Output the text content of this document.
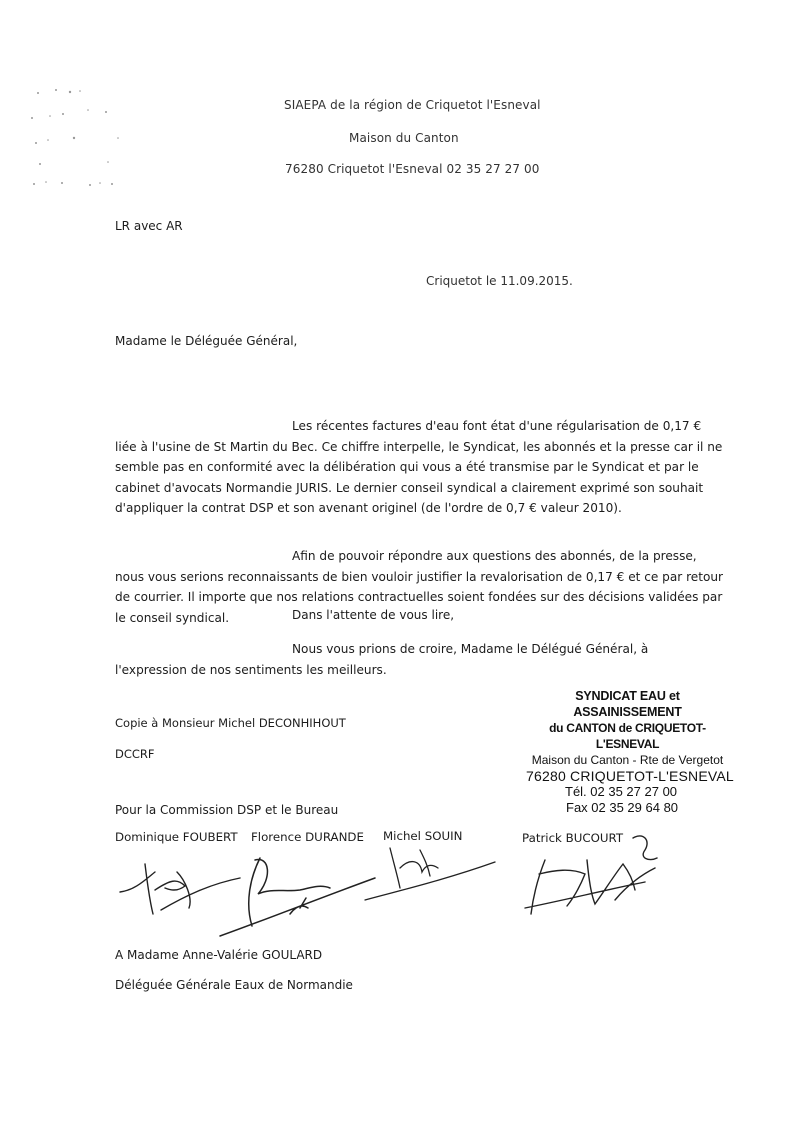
SIAEPA de la région de Criquetot l'Esneval
Maison du Canton
76280 Criquetot l'Esneval 02 35 27 27 00
LR avec AR
Criquetot le 11.09.2015.
Madame le Déléguée Général,
Les récentes factures d'eau font état d'une régularisation de 0,17 €
liée à l'usine de St Martin du Bec. Ce chiffre interpelle, le Syndicat, les abonnés et la presse car il ne
semble pas en conformité avec la délibération qui vous a été transmise par le Syndicat et par le
cabinet d'avocats Normandie JURIS. Le dernier conseil syndical a clairement exprimé son souhait
d'appliquer la contrat DSP et son avenant originel (de l'ordre de 0,7 € valeur 2010).
Afin de pouvoir répondre aux questions des abonnés, de la presse,
nous vous serions reconnaissants de bien vouloir justifier la revalorisation de 0,17 € et ce par retour
de courrier. Il importe que nos relations contractuelles soient fondées sur des décisions validées par
le conseil syndical.	Dans l'attente de vous lire,
Nous vous prions de croire, Madame le Délégué Général, à
l'expression de nos sentiments les meilleurs.
Copie à Monsieur Michel DECONHIHOUT
DCCRF
SYNDICAT EAU et ASSAINISSEMENT
du CANTON de CRIQUETOT-L'ESNEVAL
Maison du Canton - Rte de Vergetot
76280 CRIQUETOT-L'ESNEVAL
Tél. 02 35 27 27 00
Fax 02 35 29 64 80
Pour la Commission DSP et le Bureau
Dominique FOUBERT Florence DURANDE Michel SOUIN	Patrick BUCOURT
A Madame Anne-Valérie GOULARD
Déléguée Générale Eaux de Normandie
